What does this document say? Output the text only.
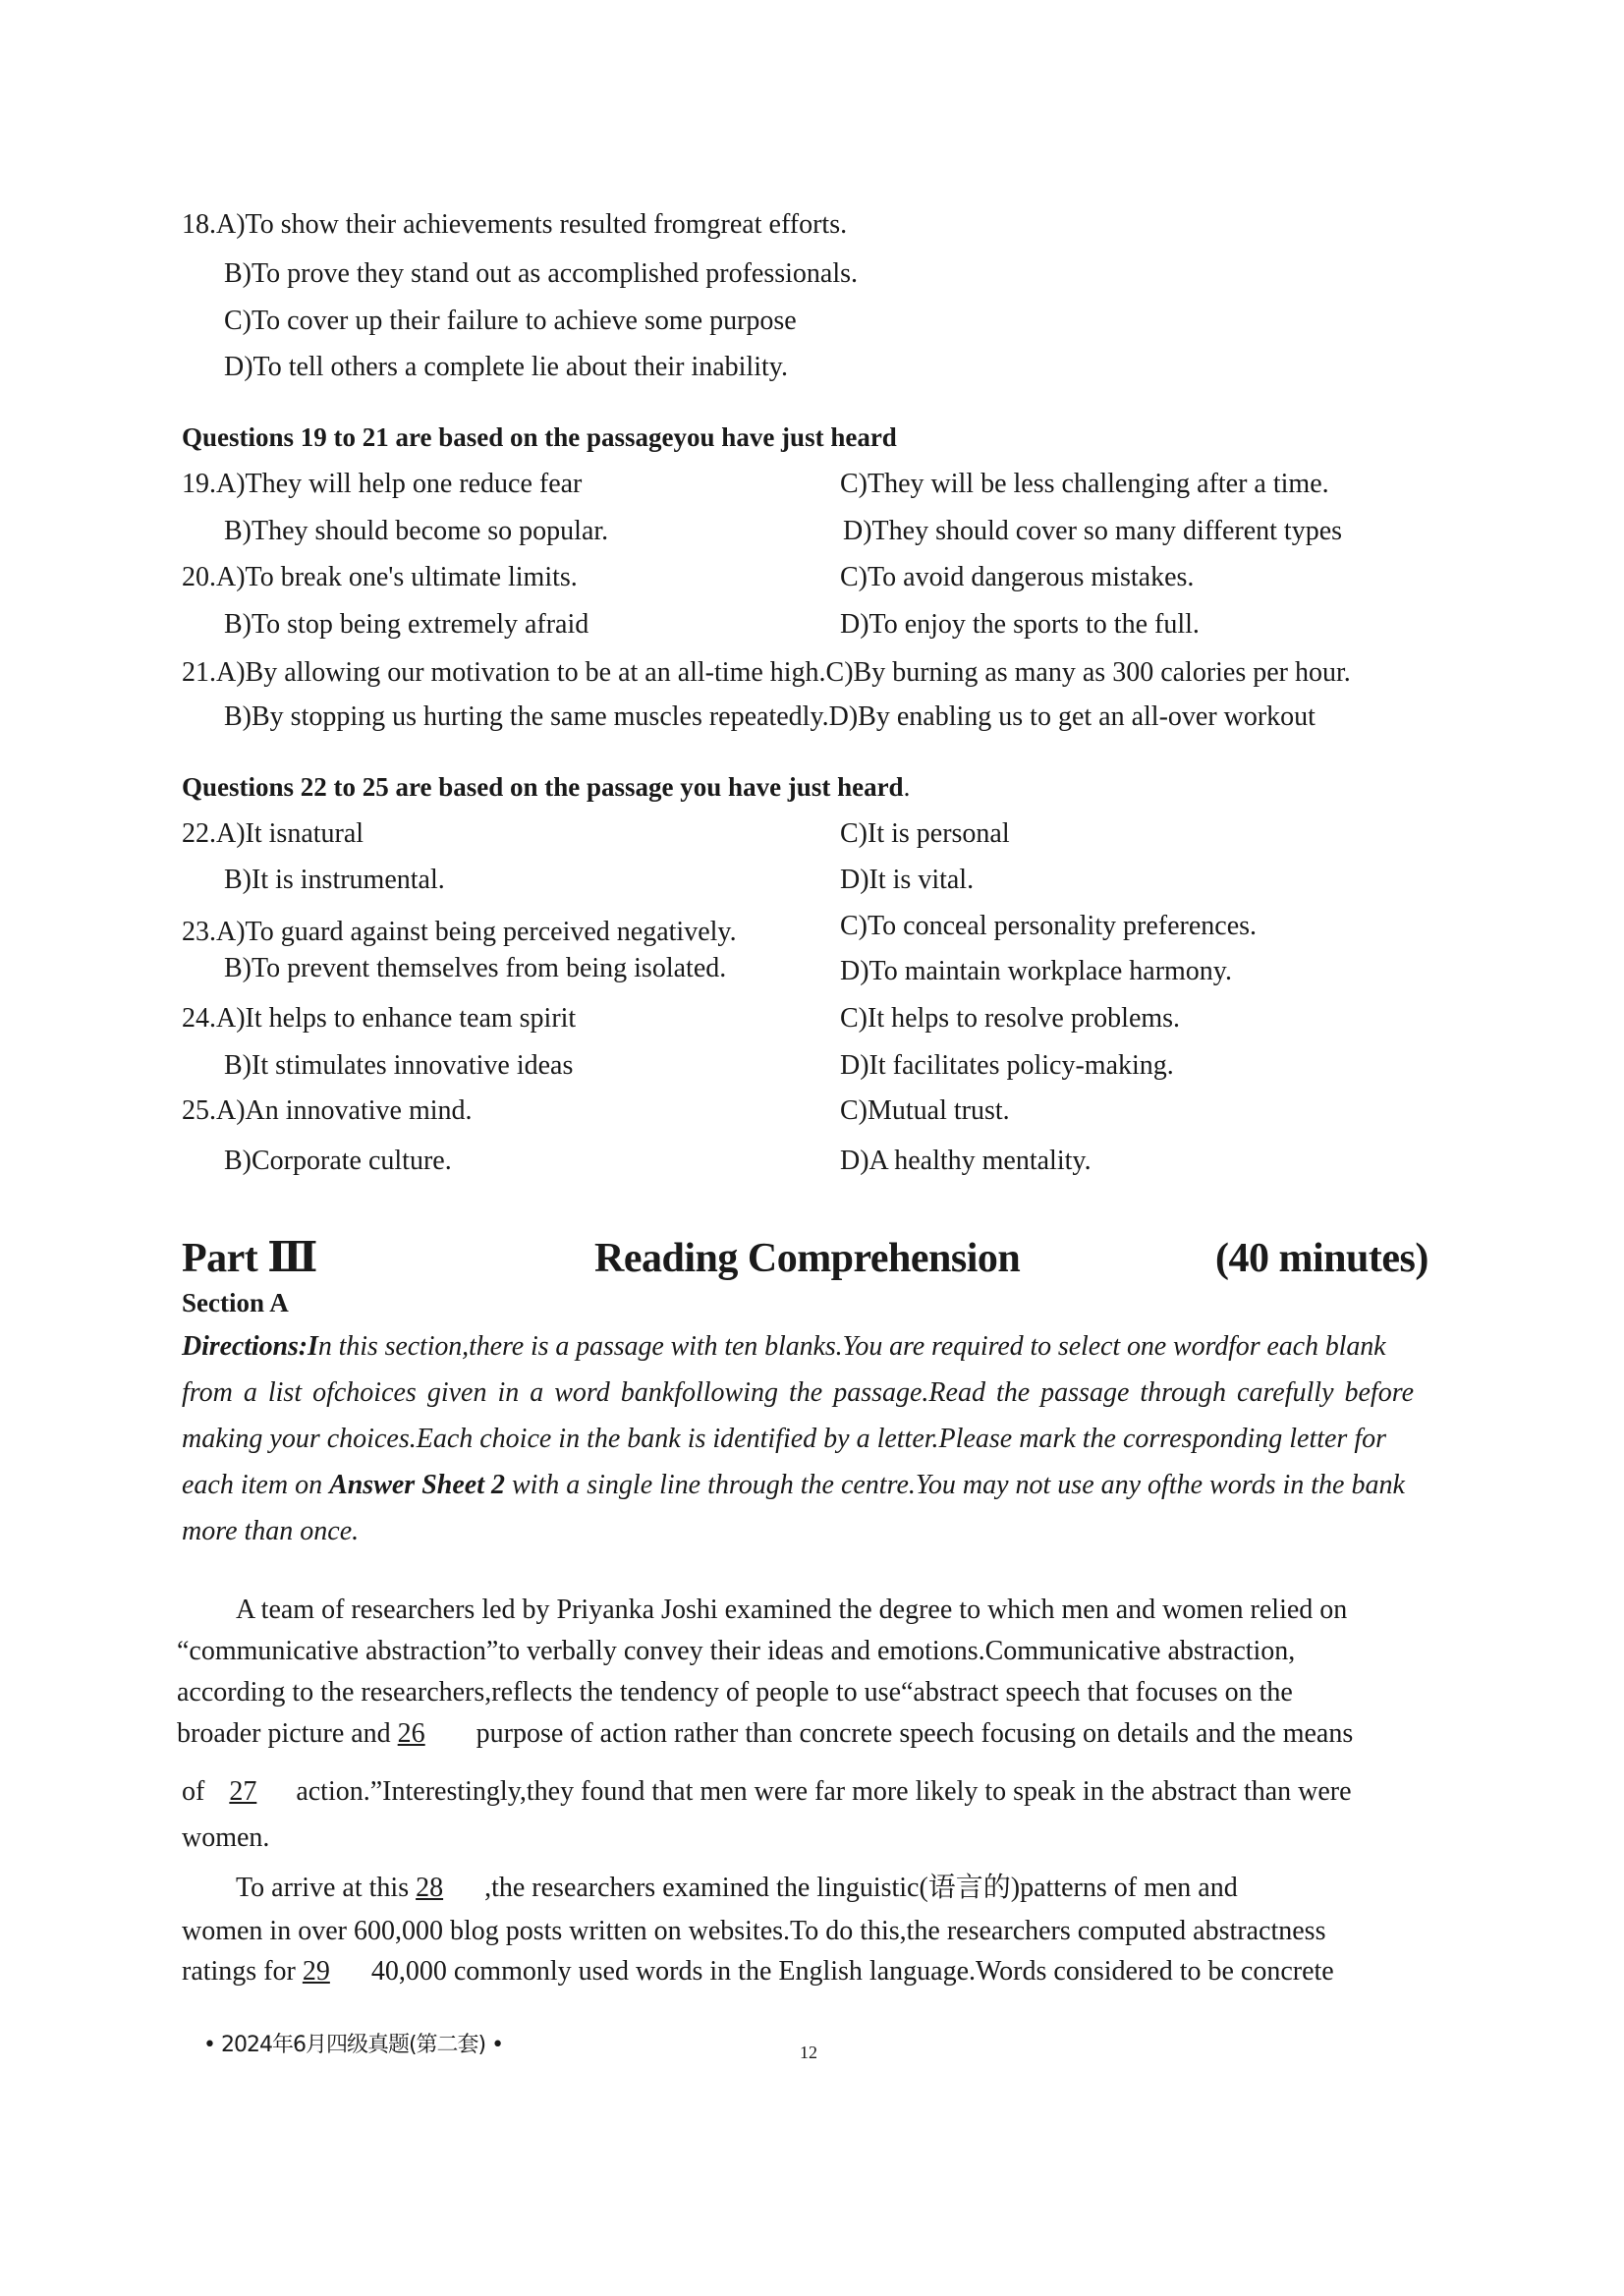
18.A)To show their achievements resulted fromgreat efforts.
B)To prove they stand out as accomplished professionals.
C)To cover up their failure to achieve some purpose
D)To tell others a complete lie about their inability.
Questions 19 to 21 are based on the passageyou have just heard
19.A)They will help one reduce fear	C)They will be less challenging after a time.
B)They should become so popular.	D)They should cover so many different types
20.A)To break one's ultimate limits.	C)To avoid dangerous mistakes.
B)To stop being extremely afraid	D)To enjoy the sports to the full.
21.A)By allowing our motivation to be at an all-time high.C)By burning as many as 300 calories per hour.
B)By stopping us hurting the same muscles repeatedly.D)By enabling us to get an all-over workout
Questions 22 to 25 are based on the passage you have just heard.
22.A)It isnatural	C)It is personal
B)It is instrumental.	D)It is vital.
23.A)To guard against being perceived negatively.	C)To conceal personality preferences.
B)To prevent themselves from being isolated.	D)To maintain workplace harmony.
24.A)It helps to enhance team spirit	C)It helps to resolve problems.
B)It stimulates innovative ideas	D)It facilitates policy-making.
25.A)An innovative mind.	C)Mutual trust.
B)Corporate culture.	D)A healthy mentality.
Part Ⅲ	Reading Comprehension	(40 minutes)
Section A
Directions:In this section,there is a passage with ten blanks.You are required to select one wordfor each blank
from a list ofchoices given in a word bankfollowing the passage.Read the passage through carefully before
making your choices.Each choice in the bank is identified by a letter.Please mark the corresponding letter for
each item on Answer Sheet 2 with a single line through the centre.You may not use any ofthe words in the bank
more than once.
A team of researchers led by Priyanka Joshi examined the degree to which men and women relied on
“communicative abstraction”to verbally convey their ideas and emotions.Communicative abstraction,
according to the researchers,reflects the tendency of people to use“abstract speech that focuses on the
broader picture and 26 purpose of action rather than concrete speech focusing on details and the means
of 27 action.”Interestingly,they found that men were far more likely to speak in the abstract than were
women.
To arrive at this 28 ,the researchers examined the linguistic(语言的)patterns of men and
women in over 600,000 blog posts written on websites.To do this,the researchers computed abstractness
ratings for 29 40,000 commonly used words in the English language.Words considered to be concrete
• 2024年6月四级真题(第二套) •	12
